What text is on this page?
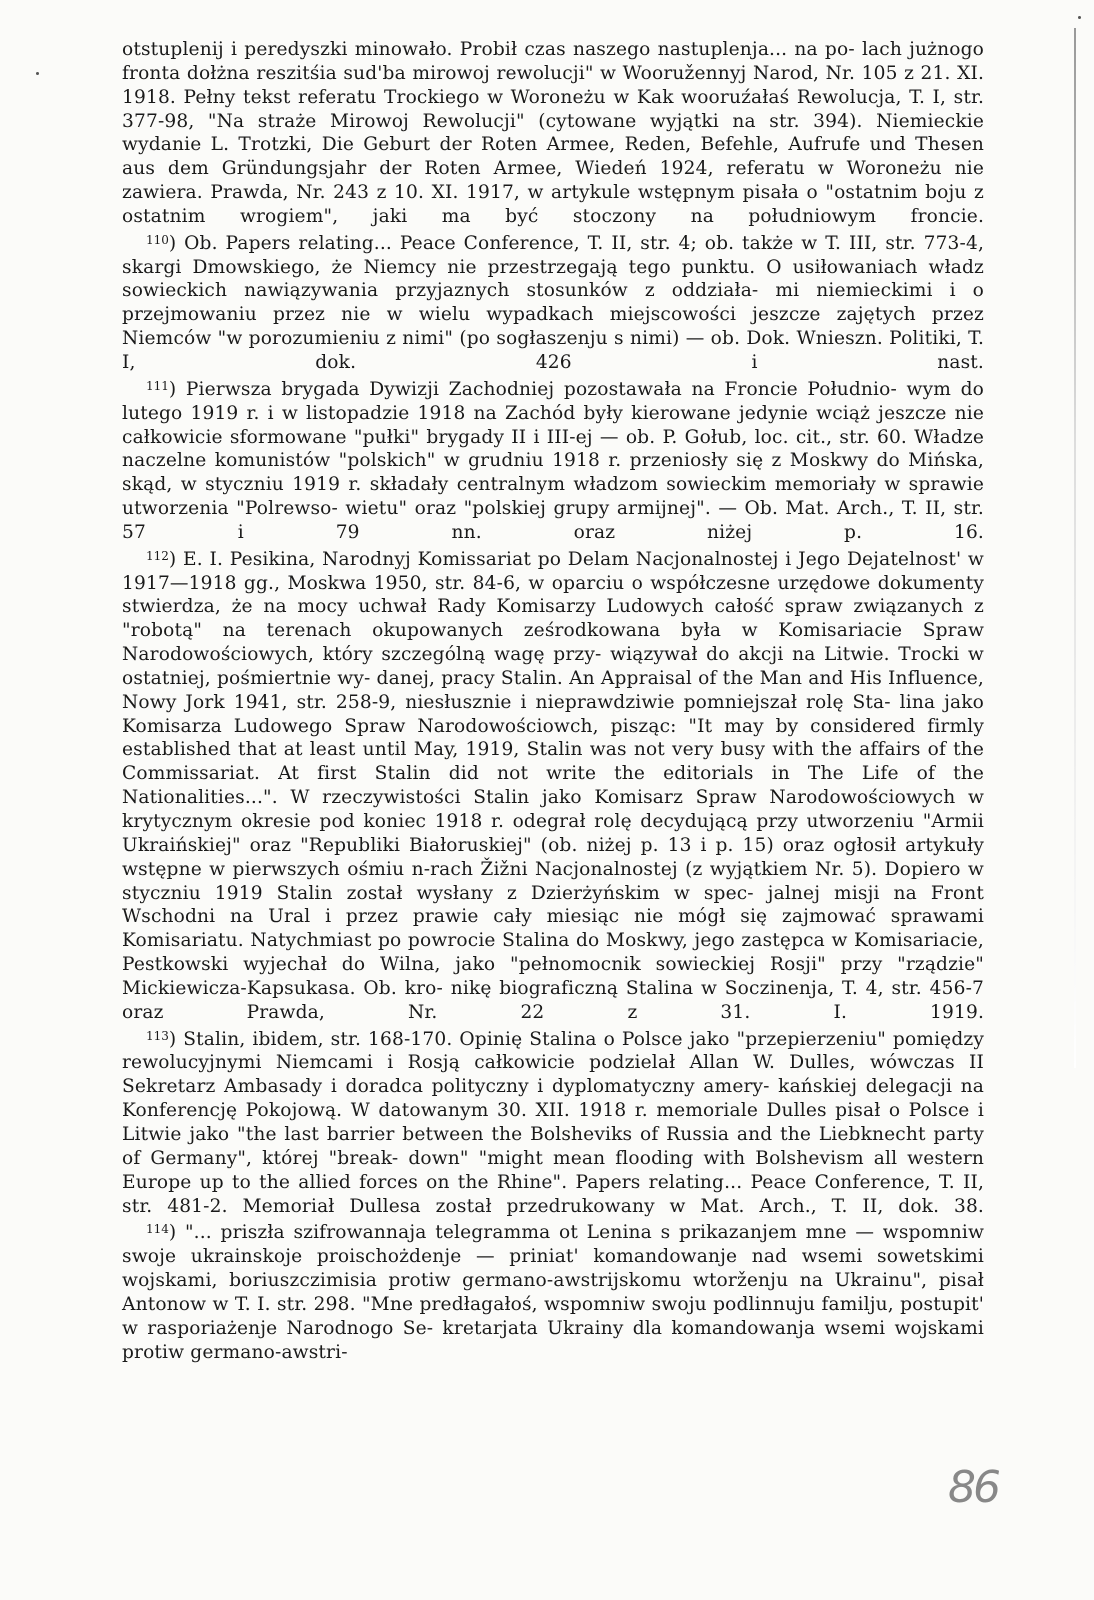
otstuplenij i peredyszki minowało. Probił czas naszego nastuplenja... na po- lach jużnogo fronta dołżna reszitśia sud'ba mirowoj rewolucji" w Wooružennyj Narod, Nr. 105 z 21. XI. 1918. Pełny tekst referatu Trockiego w Woroneżu w Kak wooruźałaś Rewolucja, T. I, str. 377-98, "Na straże Mirowoj Rewolucji" (cytowane wyjątki na str. 394). Niemieckie wydanie L. Trotzki, Die Geburt der Roten Armee, Reden, Befehle, Aufrufe und Thesen aus dem Gründungsjahr der Roten Armee, Wiedeń 1924, referatu w Woroneżu nie zawiera. Prawda, Nr. 243 z 10. XI. 1917, w artykule wstępnym pisała o "ostatnim boju z ostatnim wrogiem", jaki ma być stoczony na południowym froncie.

$^{110}$) Ob. Papers relating... Peace Conference, T. II, str. 4; ob. także w T. III, str. 773-4, skargi Dmowskiego, że Niemcy nie przestrzegają tego punktu. O usiłowaniach władz sowieckich nawiązywania przyjaznych stosunków z oddziała- mi niemieckimi i o przejmowaniu przez nie w wielu wypadkach miejscowości jeszcze zajętych przez Niemców "w porozumieniu z nimi" (po sogłaszenju s nimi) — ob. Dok. Wnieszn. Politiki, T. I, dok. 426 i nast.

$^{111}$) Pierwsza brygada Dywizji Zachodniej pozostawała na Froncie Południo- wym do lutego 1919 r. i w listopadzie 1918 na Zachód były kierowane jedynie wciąż jeszcze nie całkowicie sformowane "pułki" brygady II i III-ej — ob. P. Gołub, loc. cit., str. 60. Władze naczelne komunistów "polskich" w grudniu 1918 r. przeniosły się z Moskwy do Mińska, skąd, w styczniu 1919 r. składały centralnym władzom sowieckim memoriały w sprawie utworzenia "Polrewso- wietu" oraz "polskiej grupy armijnej". — Ob. Mat. Arch., T. II, str. 57 i 79 nn.	oraz niżej p. 16.

$^{112}$) E. I. Pesikina, Narodnyj Komissariat po Delam Nacjonalnostej i Jego Dejatelnost' w 1917—1918 gg., Moskwa 1950, str. 84-6, w oparciu o współczesne urzędowe dokumenty stwierdza, że na mocy uchwał Rady Komisarzy Ludowych całość spraw związanych z "robotą" na terenach okupowanych ześrodkowana była w Komisariacie Spraw Narodowościowych, który szczególną wagę przy- wiązywał do akcji na Litwie. Trocki w ostatniej, pośmiertnie wy- danej, pracy Stalin. An Appraisal of the Man and His Influence, Nowy Jork 1941, str. 258-9, niesłusznie i nieprawdziwie pomniejszał rolę Sta- lina jako Komisarza Ludowego Spraw Narodowościowch, pisząc: "It may by considered firmly established that at least until May, 1919, Stalin was not very busy with the affairs of the Commissariat. At first Stalin did not write the editorials in The Life of the Nationalities...". W rzeczywistości Stalin jako Komisarz Spraw Narodowościowych w krytycznym okresie pod koniec 1918 r. odegrał rolę decydującą przy utworzeniu "Armii Ukraińskiej" oraz "Republiki Białoruskiej" (ob. niżej p. 13 i p. 15) oraz ogłosił artykuły wstępne w pierwszych ośmiu n-rach Žižni Nacjonalnostej (z wyjątkiem Nr. 5). Dopiero w styczniu 1919 Stalin został wysłany z Dzierżyńskim w spec- jalnej misji na Front Wschodni na Ural i przez prawie cały miesiąc nie mógł się zajmować sprawami Komisariatu. Natychmiast po powrocie Stalina do Moskwy, jego zastępca w Komisariacie, Pestkowski wyjechał do Wilna, jako "pełnomocnik sowieckiej Rosji" przy "rządzie" Mickiewicza-Kapsukasa. Ob. kro- nikę biograficzną Stalina w Soczinenja, T. 4, str. 456-7 oraz Prawda, Nr. 22	z 31. I. 1919.

$^{113}$) Stalin, ibidem, str. 168-170. Opinię Stalina o Polsce jako "przepierzeniu" pomiędzy rewolucyjnymi Niemcami i Rosją całkowicie podzielał Allan W. Dulles, wówczas II Sekretarz Ambasady i doradca polityczny i dyplomatyczny amery- kańskiej delegacji na Konferencję Pokojową. W datowanym 30. XII. 1918 r. memoriale Dulles pisał o Polsce i Litwie jako "the last barrier between the Bolsheviks of Russia and the Liebknecht party of Germany", której "break- down" "might mean flooding with Bolshevism all western Europe up to the allied forces on the Rhine". Papers relating... Peace Conference, T. II, str. 481-2. Memoriał Dullesa został przedrukowany w Mat. Arch., T. II, dok. 38.

$^{114}$) "... priszła szifrowannaja telegramma ot Lenina s prikazanjem mne — wspomniw swoje ukrainskoje proischożdenje — priniat' komandowanje nad wsemi sowetskimi wojskami, boriuszczimisia protiw germano-awstrijskomu wtorženju na Ukrainu", pisał Antonow w T. I. str. 298. "Mne predłagałoś, wspomniw swoju podlinnuju familju, postupit' w rasporiażenje Narodnogo Se- kretarjata Ukrainy dla komandowanja wsemi wojskami protiw germano-awstri-

86
